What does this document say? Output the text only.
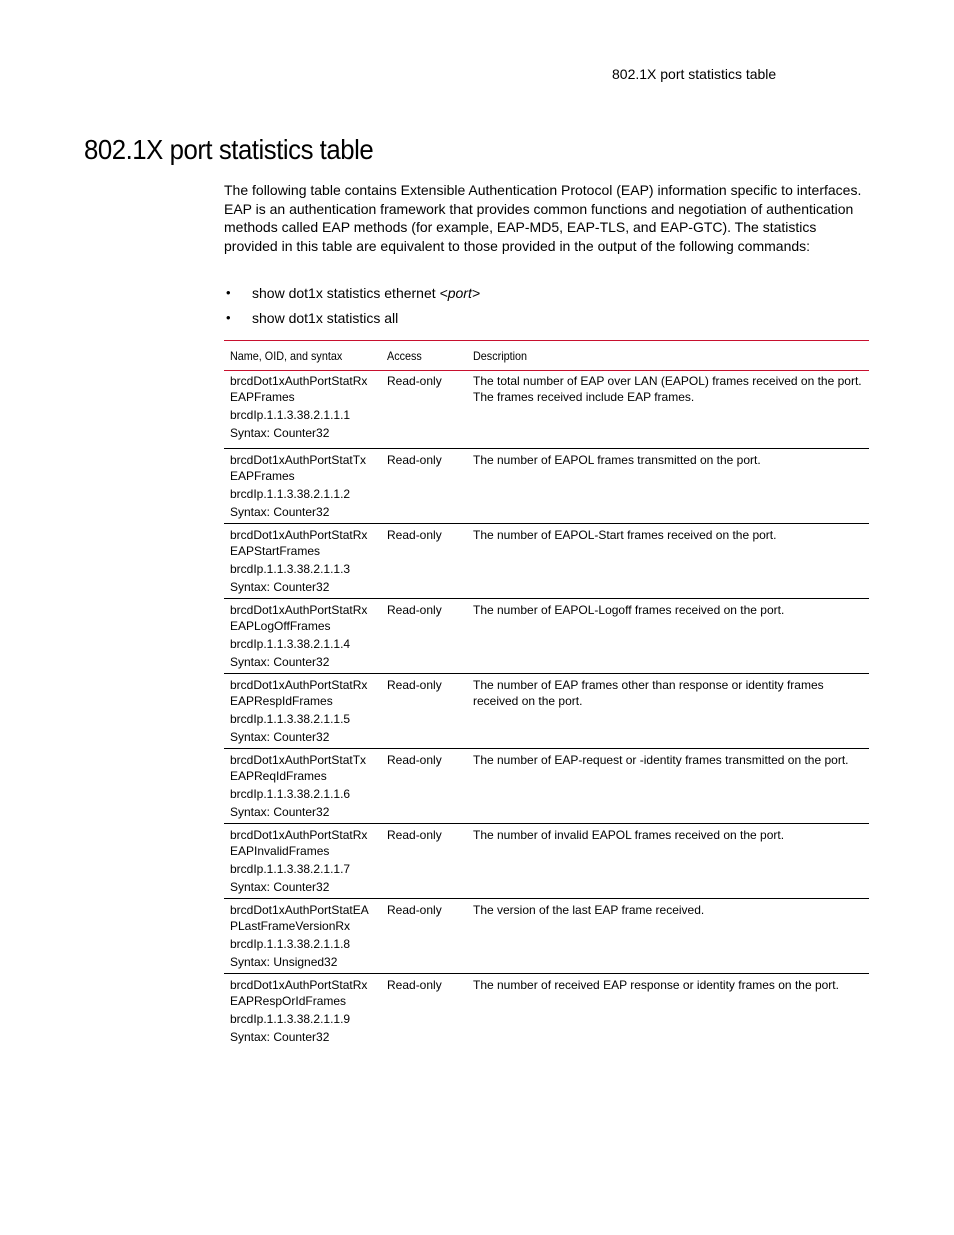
802.1X port statistics table
802.1X port statistics table

The following table contains Extensible Authentication Protocol (EAP) information specific to interfaces. EAP is an authentication framework that provides common functions and negotiation of authentication methods called EAP methods (for example, EAP-MD5, EAP-TLS, and EAP-GTC). The statistics provided in this table are equivalent to those provided in the output of the following commands:

• show dot1x statistics ethernet <port>
• show dot1x statistics all
Name, OID, and syntax	Access	Description

brcdDot1xAuthPortStatRx
EAPFrames
brcdIp.1.1.3.38.2.1.1.1
Syntax: Counter32	Read-only	The total number of EAP over LAN (EAPOL) frames received on the port. The frames received include EAP frames.

brcdDot1xAuthPortStatTx
EAPFrames
brcdIp.1.1.3.38.2.1.1.2
Syntax: Counter32	Read-only	The number of EAPOL frames transmitted on the port.

brcdDot1xAuthPortStatRx
EAPStartFrames
brcdIp.1.1.3.38.2.1.1.3
Syntax: Counter32	Read-only	The number of EAPOL-Start frames received on the port.

brcdDot1xAuthPortStatRx
EAPLogOffFrames
brcdIp.1.1.3.38.2.1.1.4
Syntax: Counter32	Read-only	The number of EAPOL-Logoff frames received on the port.

brcdDot1xAuthPortStatRx
EAPRespIdFrames
brcdIp.1.1.3.38.2.1.1.5
Syntax: Counter32	Read-only	The number of EAP frames other than response or identity frames received on the port.

brcdDot1xAuthPortStatTx
EAPReqIdFrames
brcdIp.1.1.3.38.2.1.1.6
Syntax: Counter32	Read-only	The number of EAP-request or -identity frames transmitted on the port.

brcdDot1xAuthPortStatRx
EAPInvalidFrames
brcdIp.1.1.3.38.2.1.1.7
Syntax: Counter32	Read-only	The number of invalid EAPOL frames received on the port.

brcdDot1xAuthPortStatEA
PLastFrameVersionRx
brcdIp.1.1.3.38.2.1.1.8
Syntax: Unsigned32	Read-only	The version of the last EAP frame received.

brcdDot1xAuthPortStatRx
EAPRespOrIdFrames
brcdIp.1.1.3.38.2.1.1.9
Syntax: Counter32	Read-only	The number of received EAP response or identity frames on the port.
